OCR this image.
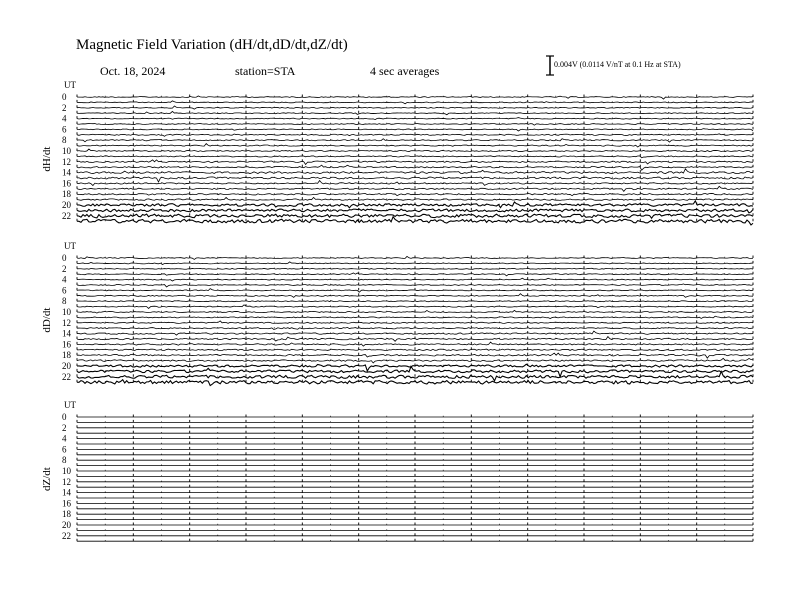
Magnetic Field Variation (dH/dt,dD/dt,dZ/dt)
Oct. 18, 2024	station=STA	4 sec averages	0.004V (0.0114 V/nT at 0.1 Hz at STA)
UT
dH/dt
0
2
4
6
8
10
12
14
16
18
20
22
UT
dD/dt
0
2
4
6
8
10
12
14
16
18
20
22
UT
dZ/dt
0
2
4
6
8
10
12
14
16
18
20
22
